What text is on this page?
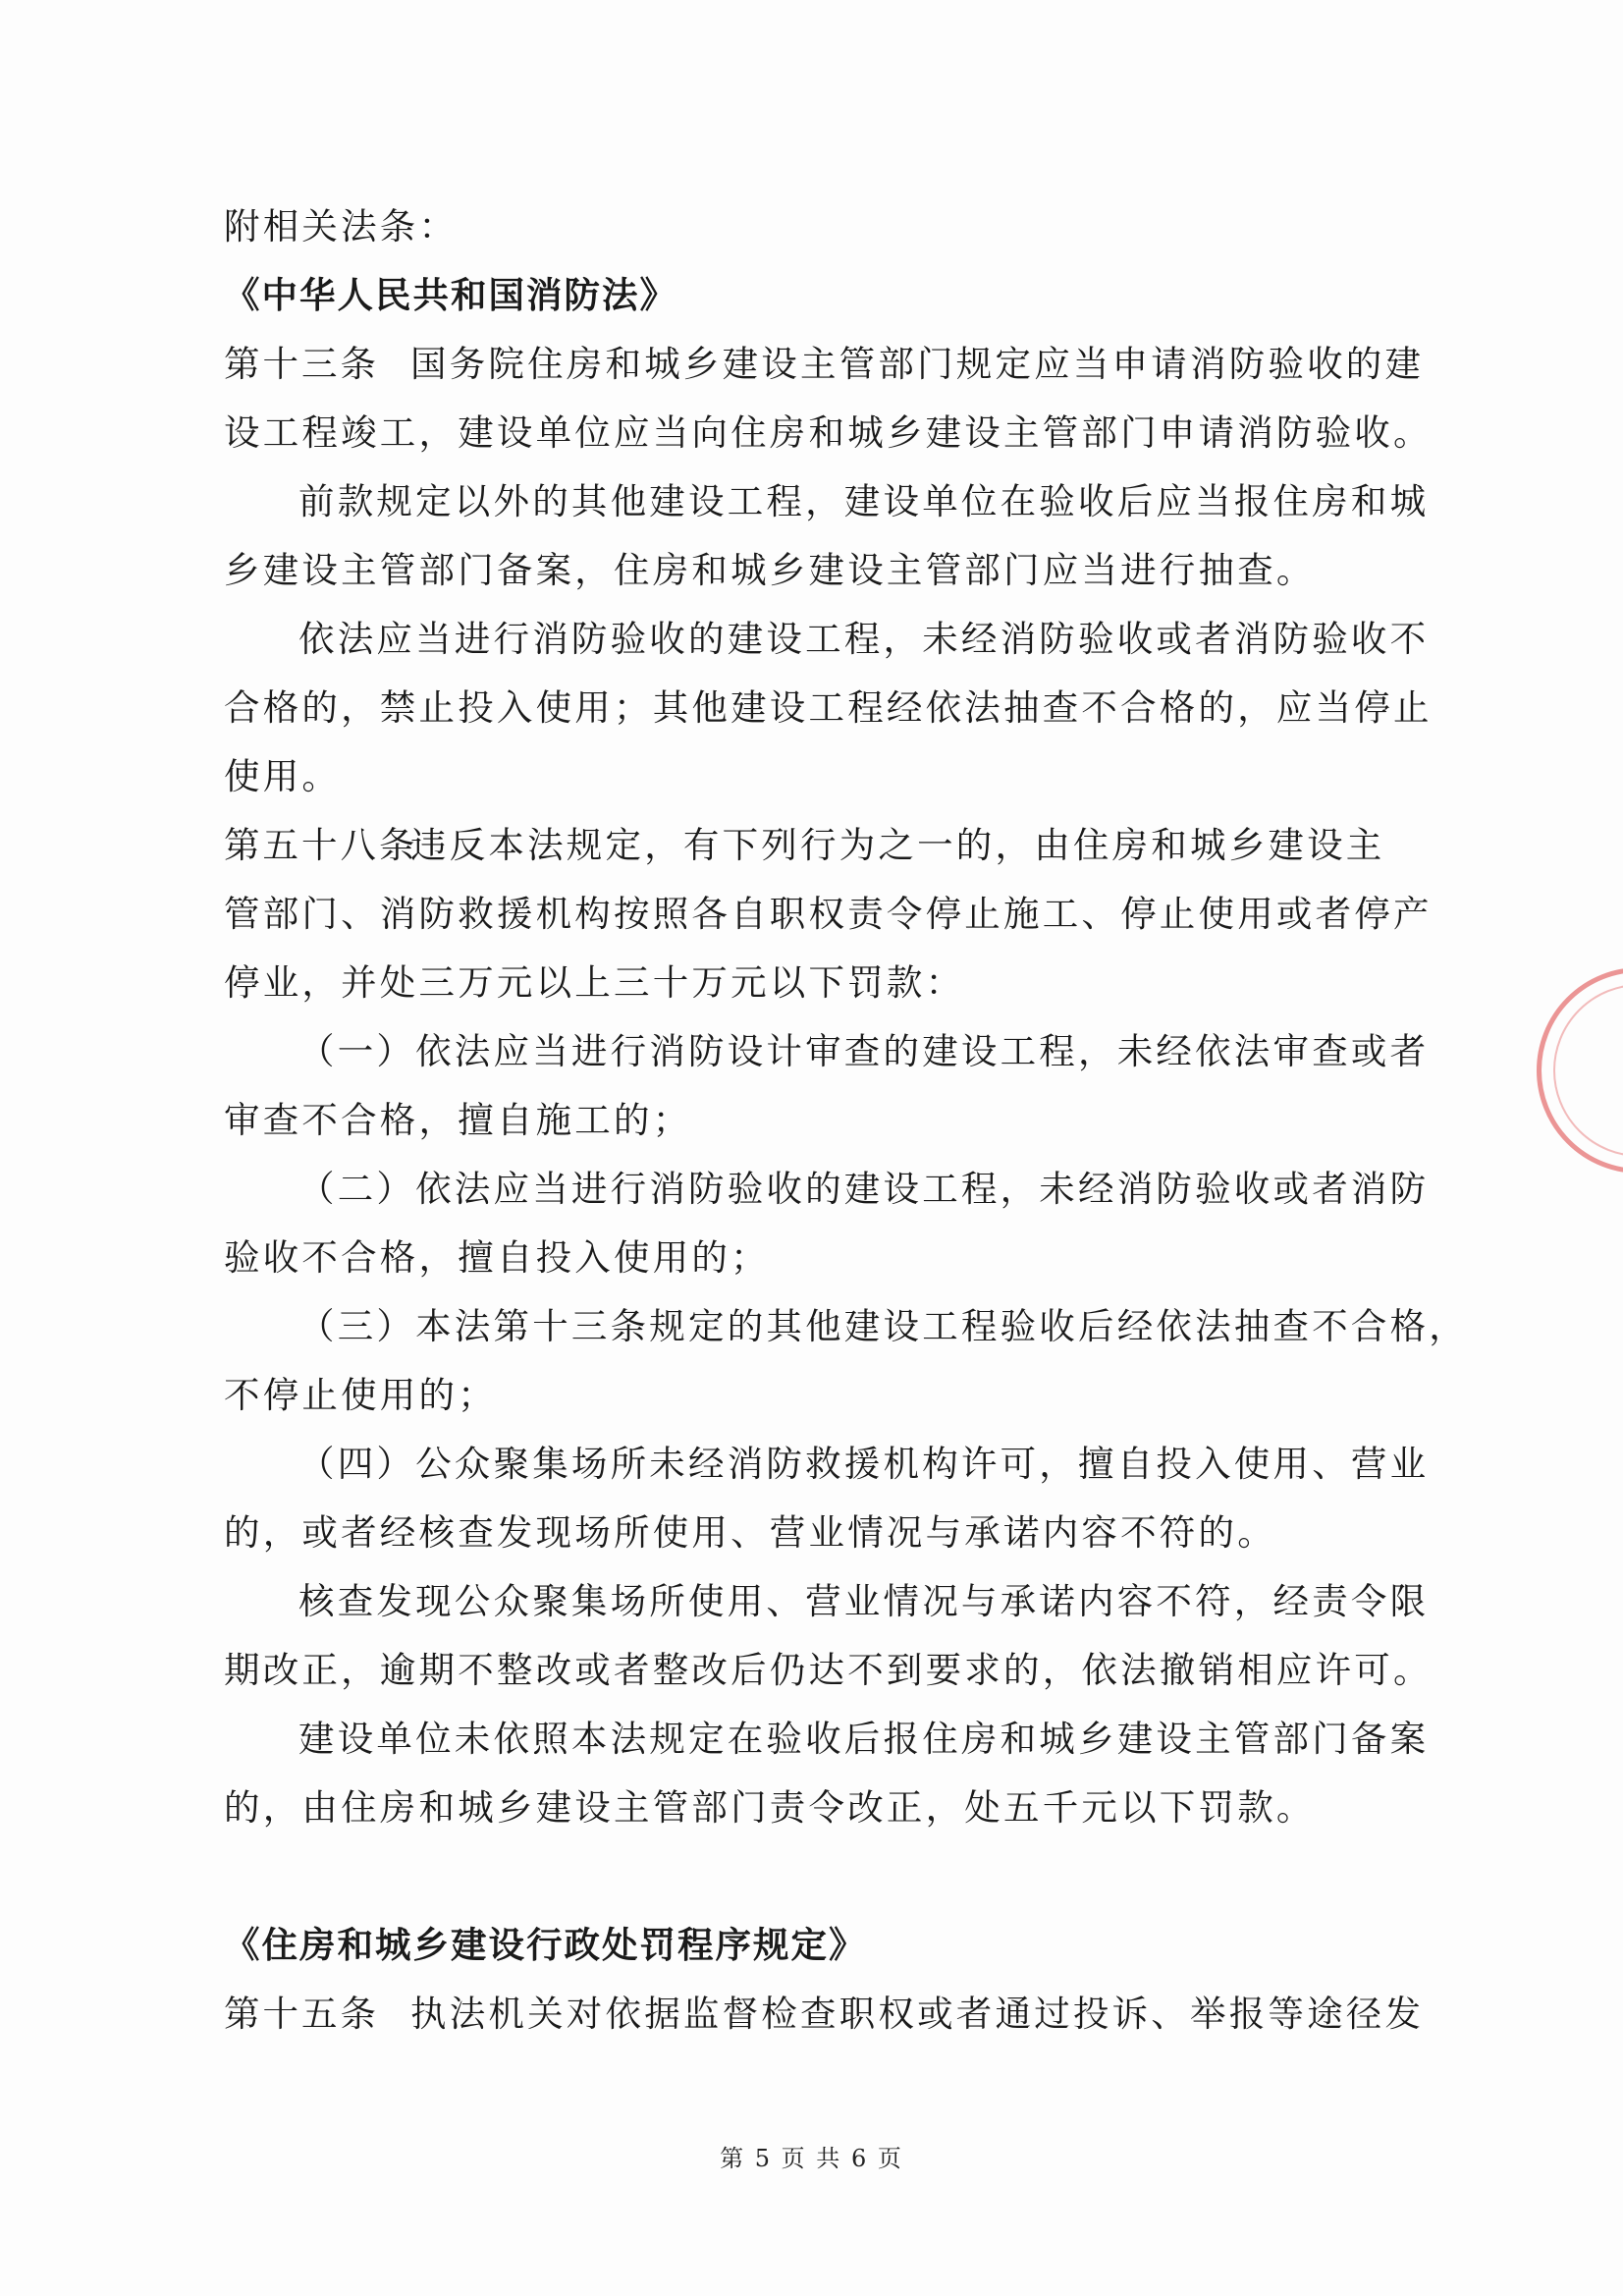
附相关法条：
《中华人民共和国消防法》
第十三条 国务院住房和城乡建设主管部门规定应当申请消防验收的建
设工程竣工，建设单位应当向住房和城乡建设主管部门申请消防验收。
前款规定以外的其他建设工程，建设单位在验收后应当报住房和城
乡建设主管部门备案，住房和城乡建设主管部门应当进行抽查。
依法应当进行消防验收的建设工程，未经消防验收或者消防验收不
合格的，禁止投入使用；其他建设工程经依法抽查不合格的，应当停止
使用。
第五十八条违反本法规定，有下列行为之一的，由住房和城乡建设主
管部门、消防救援机构按照各自职权责令停止施工、停止使用或者停产
停业，并处三万元以上三十万元以下罚款：
（一）依法应当进行消防设计审查的建设工程，未经依法审查或者
审查不合格，擅自施工的；
（二）依法应当进行消防验收的建设工程，未经消防验收或者消防
验收不合格，擅自投入使用的；
（三）本法第十三条规定的其他建设工程验收后经依法抽查不合格，
不停止使用的；
（四）公众聚集场所未经消防救援机构许可，擅自投入使用、营业
的，或者经核查发现场所使用、营业情况与承诺内容不符的。
核查发现公众聚集场所使用、营业情况与承诺内容不符，经责令限
期改正，逾期不整改或者整改后仍达不到要求的，依法撤销相应许可。
建设单位未依照本法规定在验收后报住房和城乡建设主管部门备案
的，由住房和城乡建设主管部门责令改正，处五千元以下罚款。
《住房和城乡建设行政处罚程序规定》
第十五条 执法机关对依据监督检查职权或者通过投诉、举报等途径发
第 5 页 共 6 页
